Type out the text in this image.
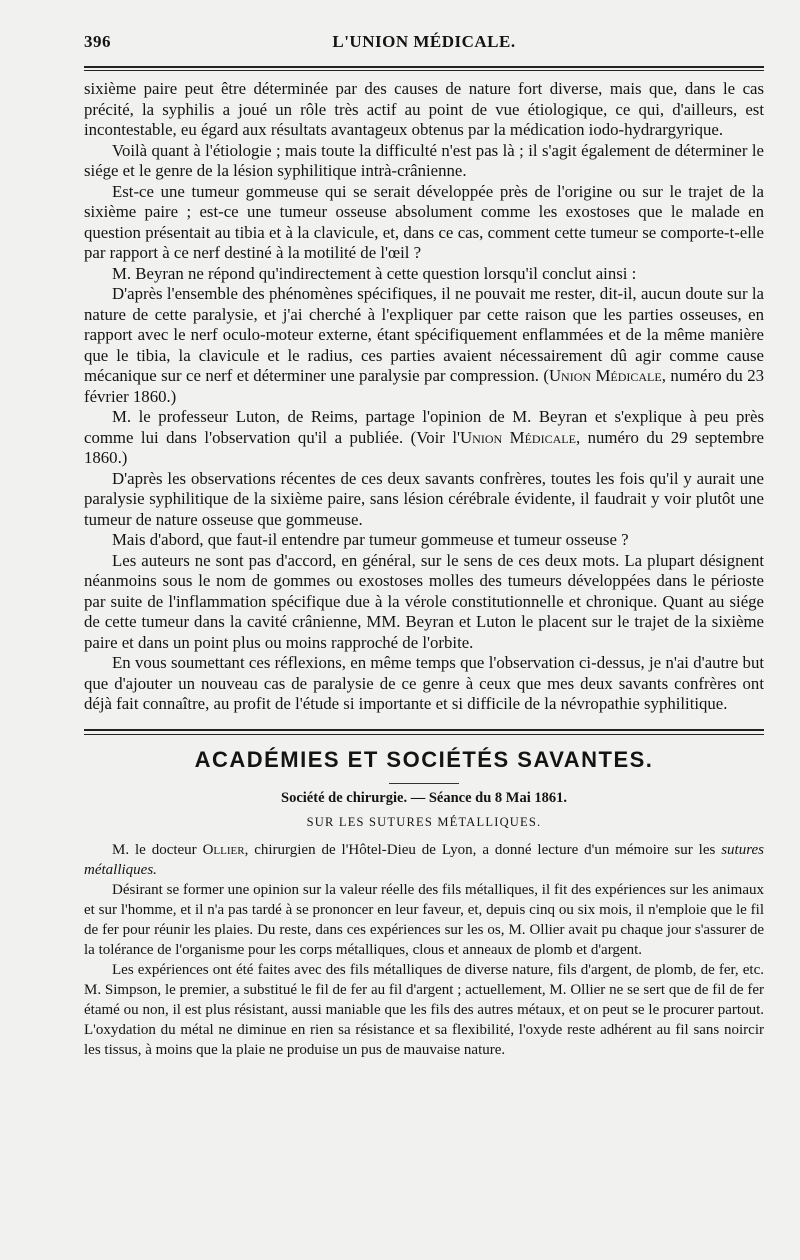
396	L'UNION MÉDICALE.

sixième paire peut être déterminée par des causes de nature fort diverse, mais que, dans le cas précité, la syphilis a joué un rôle très actif au point de vue étiologique, ce qui, d'ailleurs, est incontestable, eu égard aux résultats avantageux obtenus par la médication iodo-hydrargyrique.

Voilà quant à l'étiologie ; mais toute la difficulté n'est pas là ; il s'agit également de déterminer le siége et le genre de la lésion syphilitique intrà-crânienne.

Est-ce une tumeur gommeuse qui se serait développée près de l'origine ou sur le trajet de la sixième paire ; est-ce une tumeur osseuse absolument comme les exostoses que le malade en question présentait au tibia et à la clavicule, et, dans ce cas, comment cette tumeur se comporte-t-elle par rapport à ce nerf destiné à la motilité de l'œil ?

M. Beyran ne répond qu'indirectement à cette question lorsqu'il conclut ainsi :

D'après l'ensemble des phénomènes spécifiques, il ne pouvait me rester, dit-il, aucun doute sur la nature de cette paralysie, et j'ai cherché à l'expliquer par cette raison que les parties osseuses, en rapport avec le nerf oculo-moteur externe, étant spécifiquement enflammées et de la même manière que le tibia, la clavicule et le radius, ces parties avaient nécessairement dû agir comme cause mécanique sur ce nerf et déterminer une paralysie par compression. (Union Médicale, numéro du 23 février 1860.)

M. le professeur Luton, de Reims, partage l'opinion de M. Beyran et s'explique à peu près comme lui dans l'observation qu'il a publiée. (Voir l'Union Médicale, numéro du 29 septembre 1860.)

D'après les observations récentes de ces deux savants confrères, toutes les fois qu'il y aurait une paralysie syphilitique de la sixième paire, sans lésion cérébrale évidente, il faudrait y voir plutôt une tumeur de nature osseuse que gommeuse.

Mais d'abord, que faut-il entendre par tumeur gommeuse et tumeur osseuse ?

Les auteurs ne sont pas d'accord, en général, sur le sens de ces deux mots. La plupart désignent néanmoins sous le nom de gommes ou exostoses molles des tumeurs développées dans le périoste par suite de l'inflammation spécifique due à la vérole constitutionnelle et chronique. Quant au siége de cette tumeur dans la cavité crânienne, MM. Beyran et Luton le placent sur le trajet de la sixième paire et dans un point plus ou moins rapproché de l'orbite.

En vous soumettant ces réflexions, en même temps que l'observation ci-dessus, je n'ai d'autre but que d'ajouter un nouveau cas de paralysie de ce genre à ceux que mes deux savants confrères ont déjà fait connaître, au profit de l'étude si importante et si difficile de la névropathie syphilitique.

ACADÉMIES ET SOCIÉTÉS SAVANTES.
Société de chirurgie. — Séance du 8 Mai 1861.
SUR LES SUTURES MÉTALLIQUES.

M. le docteur Ollier, chirurgien de l'Hôtel-Dieu de Lyon, a donné lecture d'un mémoire sur les sutures métalliques.

Désirant se former une opinion sur la valeur réelle des fils métalliques, il fit des expériences sur les animaux et sur l'homme, et il n'a pas tardé à se prononcer en leur faveur, et, depuis cinq ou six mois, il n'emploie que le fil de fer pour réunir les plaies. Du reste, dans ces expériences sur les os, M. Ollier avait pu chaque jour s'assurer de la tolérance de l'organisme pour les corps métalliques, clous et anneaux de plomb et d'argent.

Les expériences ont été faites avec des fils métalliques de diverse nature, fils d'argent, de plomb, de fer, etc. M. Simpson, le premier, a substitué le fil de fer au fil d'argent ; actuellement, M. Ollier ne se sert que de fil de fer étamé ou non, il est plus résistant, aussi maniable que les fils des autres métaux, et on peut se le procurer partout. L'oxydation du métal ne diminue en rien sa résistance et sa flexibilité, l'oxyde reste adhérent au fil sans noircir les tissus, à moins que la plaie ne produise un pus de mauvaise nature.
